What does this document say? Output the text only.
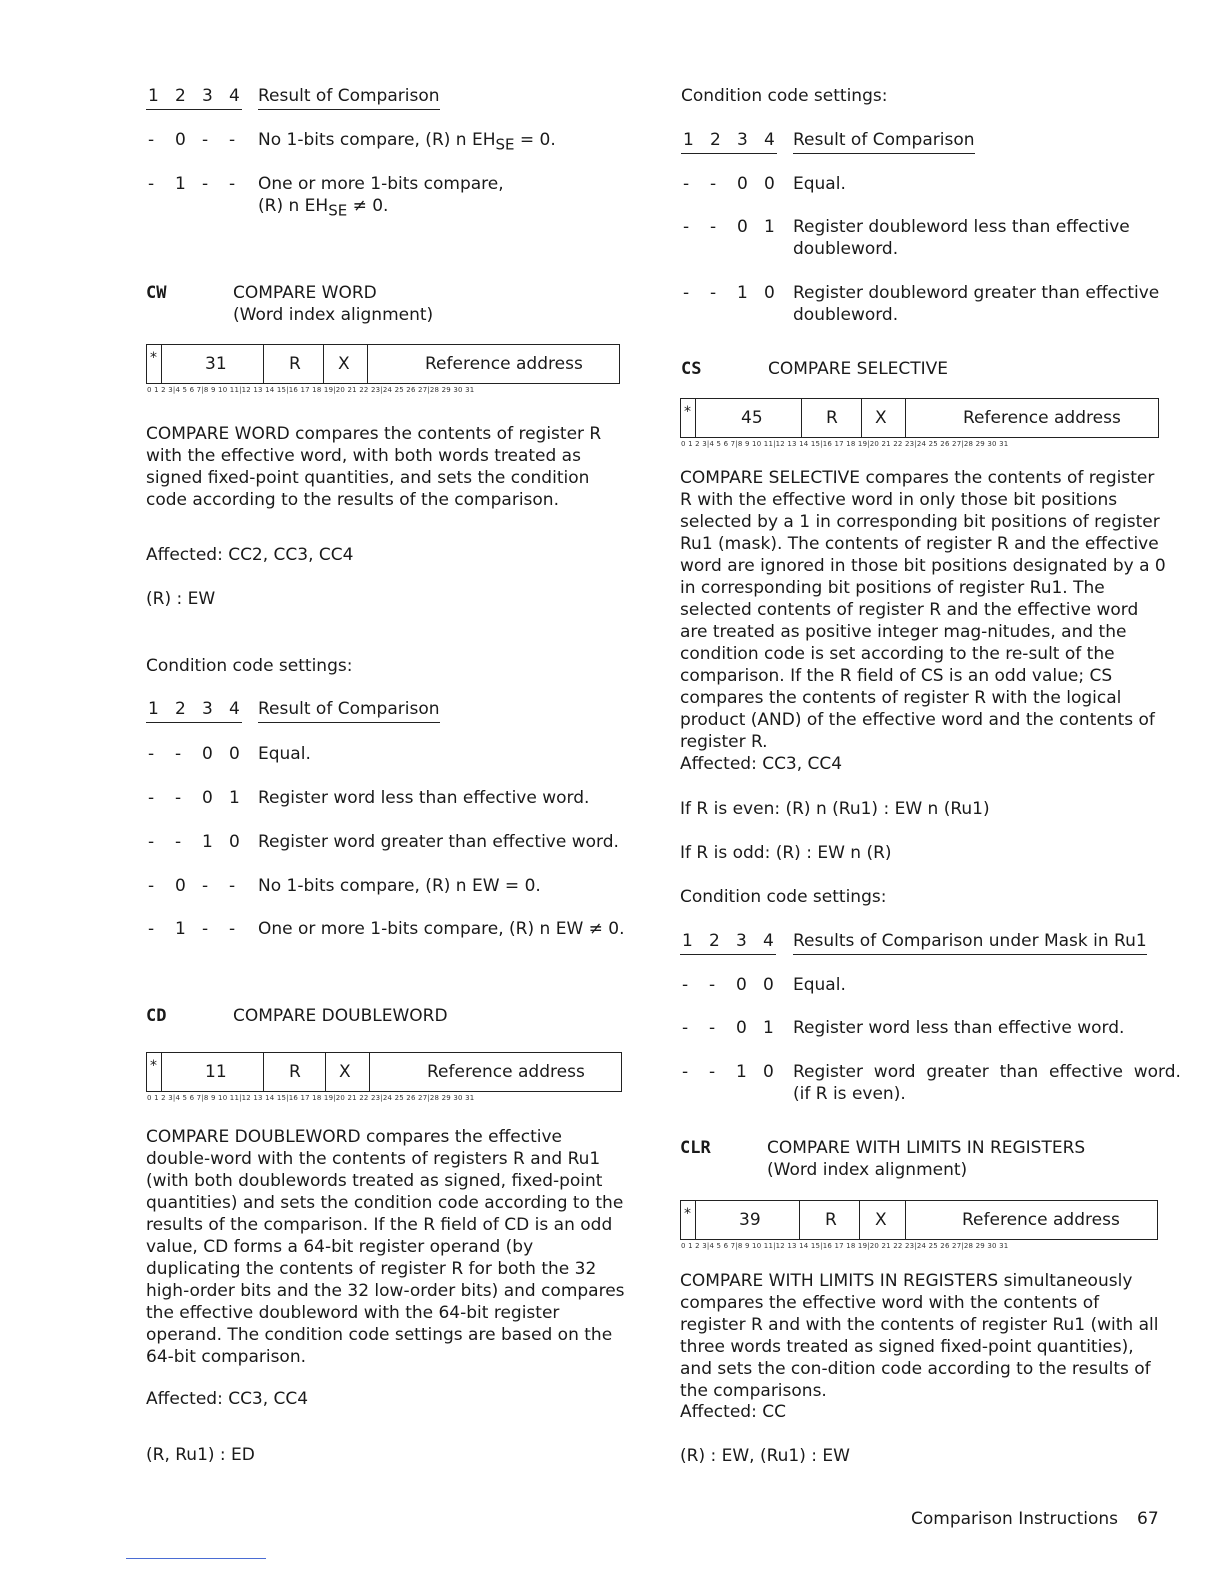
1 2 3 4 Result of Comparison
- 0 - - No 1-bits compare, (R) n $EH_{SE} = 0$.
- 1 - - One or more 1-bits compare,
(R) n $EH_{SE} \ne 0$.
CW	COMPARE WORD
(Word index alignment)
*	31	R X	Reference address
0 1 2 3|4 5 6 7|8 9 10 11|12 13 14 15|16 17 18 19|20 21 22 23|24 25 26 27|28 29 30 31
COMPARE WORD compares the contents of register R with the effective word, with both words treated as signed fixed-point quantities, and sets the condition code according to the results of the comparison.
Affected: CC2, CC3, CC4
(R) : EW
Condition code settings:

1 2 3 4 Result of Comparison
- - 0 0 Equal.
- - 0 1 Register word less than effective word.
- - 1 0 Register word greater than effective word.
- 0 - - No 1-bits compare, (R) n EW = 0.
- 1 - - One or more 1-bits compare, (R) n EW ≠ 0.
CD	COMPARE DOUBLEWORD
*	11	R X	Reference address
0 1 2 3|4 5 6 7|8 9 10 11|12 13 14 15|16 17 18 19|20 21 22 23|24 25 26 27|28 29 30 31
COMPARE DOUBLEWORD compares the effective double-word with the contents of registers R and Ru1 (with both doublewords treated as signed, fixed-point quantities) and sets the condition code according to the results of the comparison. If the R field of CD is an odd value, CD forms a 64-bit register operand (by duplicating the contents of register R for both the 32 high-order bits and the 32 low-order bits) and compares the effective doubleword with the 64-bit register operand. The condition code settings are based on the 64-bit comparison.
Affected: CC3, CC4
(R, Ru1) : ED
Condition code settings:

1 2 3 4 Result of Comparison
- - 0 0 Equal.
- - 0 1 Register doubleword less than effective
doubleword.
- - 1 0 Register doubleword greater than effective
doubleword.
CS	COMPARE SELECTIVE
*	45	R X	Reference address
0 1 2 3|4 5 6 7|8 9 10 11|12 13 14 15|16 17 18 19|20 21 22 23|24 25 26 27|28 29 30 31
COMPARE SELECTIVE compares the contents of register R with the effective word in only those bit positions selected by a 1 in corresponding bit positions of register Ru1 (mask). The contents of register R and the effective word are ignored in those bit positions designated by a 0 in corresponding bit positions of register Ru1. The selected contents of register R and the effective word are treated as positive integer mag-nitudes, and the condition code is set according to the re-sult of the comparison. If the R field of CS is an odd value; CS compares the contents of register R with the logical product (AND) of the effective word and the contents of register R.
Affected: CC3, CC4
If R is even: (R) n (Ru1) : EW n (Ru1)
If R is odd: (R) : EW n (R)
Condition code settings:

1 2 3 4 Results of Comparison under Mask in Ru1
- - 0 0 Equal.
- - 0 1 Register word less than effective word.
- - 1 0 Register  word  greater  than  effective  word.
(if R is even).
CLR	COMPARE WITH LIMITS IN REGISTERS
(Word index alignment)
*	39	R X	Reference address
0 1 2 3|4 5 6 7|8 9 10 11|12 13 14 15|16 17 18 19|20 21 22 23|24 25 26 27|28 29 30 31
COMPARE WITH LIMITS IN REGISTERS simultaneously compares the effective word with the contents of register R and with the contents of register Ru1 (with all three words treated as signed fixed-point quantities), and sets the con-dition code according to the results of the comparisons.
Affected: CC
(R) : EW, (Ru1) : EW
Comparison Instructions 67
